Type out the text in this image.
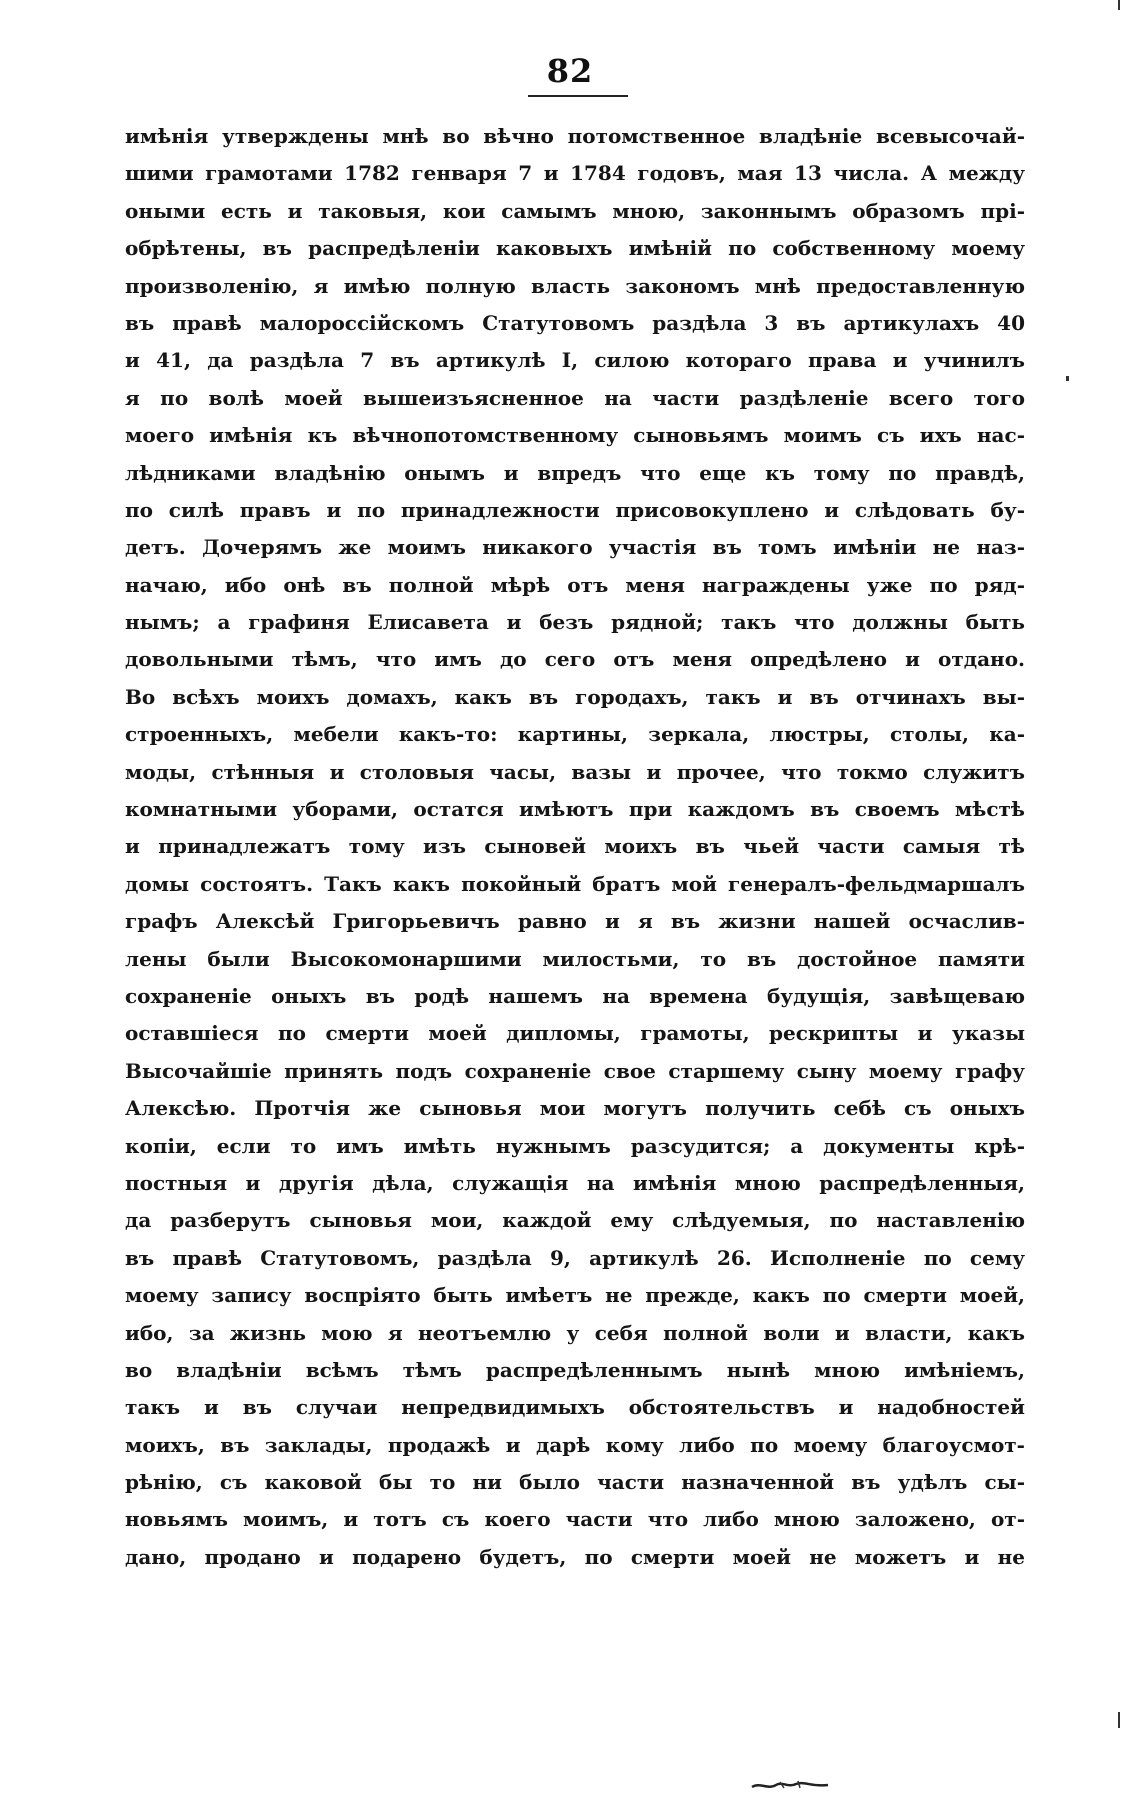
82
имѣнія утверждены мнѣ во вѣчно потомственное владѣніе всевысочай-
шими грамотами 1782 генваря 7 и 1784 годовъ, мая 13 числа. А между
оными есть и таковыя, кои самымъ мною, законнымъ образомъ прі-
обрѣтены, въ распредѣленіи каковыхъ имѣній по собственному моему
произволенію, я имѣю полную власть закономъ мнѣ предоставленную
въ правѣ малороссійскомъ Статутовомъ раздѣла 3 въ артикулахъ 40
и 41, да раздѣла 7 въ артикулѣ I, силою котораго права и учинилъ
я по волѣ моей вышеизъясненное на части раздѣленіе всего того
моего имѣнія къ вѣчнопотомственному сыновьямъ моимъ съ ихъ нас-
лѣдниками владѣнію онымъ и впредъ что еще къ тому по правдѣ,
по силѣ правъ и по принадлежности присовокуплено и слѣдовать бу-
детъ. Дочерямъ же моимъ никакого участія въ томъ имѣніи не наз-
начаю, ибо онѣ въ полной мѣрѣ отъ меня награждены уже по ряд-
нымъ; а графиня Елисавета и безъ рядной; такъ что должны быть
довольными тѣмъ, что имъ до сего отъ меня опредѣлено и отдано.
Во всѣхъ моихъ домахъ, какъ въ городахъ, такъ и въ отчинахъ вы-
строенныхъ, мебели какъ-то: картины, зеркала, люстры, столы, ка-
моды, стѣнныя и столовыя часы, вазы и прочее, что токмо служитъ
комнатными уборами, остатся имѣютъ при каждомъ въ своемъ мѣстѣ
и принадлежатъ тому изъ сыновей моихъ въ чьей части самыя тѣ
домы состоятъ. Такъ какъ покойный братъ мой генералъ-фельдмаршалъ
графъ Алексѣй Григорьевичъ равно и я въ жизни нашей осчаслив-
лены были Высокомонаршими милостьми, то въ достойное памяти
сохраненіе оныхъ въ родѣ нашемъ на времена будущія, завѣщеваю
оставшіеся по смерти моей дипломы, грамоты, рескрипты и указы
Высочайшіе принять подъ сохраненіе свое старшему сыну моему графу
Алексѣю. Протчія же сыновья мои могутъ получить себѣ съ оныхъ
копіи, если то имъ имѣть нужнымъ разсудится; а документы крѣ-
постныя и другія дѣла, служащія на имѣнія мною распредѣленныя,
да разберутъ сыновья мои, каждой ему слѣдуемыя, по наставленію
въ правѣ Статутовомъ, раздѣла 9, артикулѣ 26. Исполненіе по сему
моему запису воспріято быть имѣетъ не прежде, какъ по смерти моей,
ибо, за жизнь мою я неотъемлю у себя полной воли и власти, какъ
во владѣніи всѣмъ тѣмъ распредѣленнымъ нынѣ мною имѣніемъ,
такъ и въ случаи непредвидимыхъ обстоятельствъ и надобностей
моихъ, въ заклады, продажѣ и дарѣ кому либо по моему благоусмот-
рѣнію, съ каковой бы то ни было части назначенной въ удѣлъ сы-
новьямъ моимъ, и тотъ съ коего части что либо мною заложено, от-
дано, продано и подарено будетъ, по смерти моей не можетъ и не
